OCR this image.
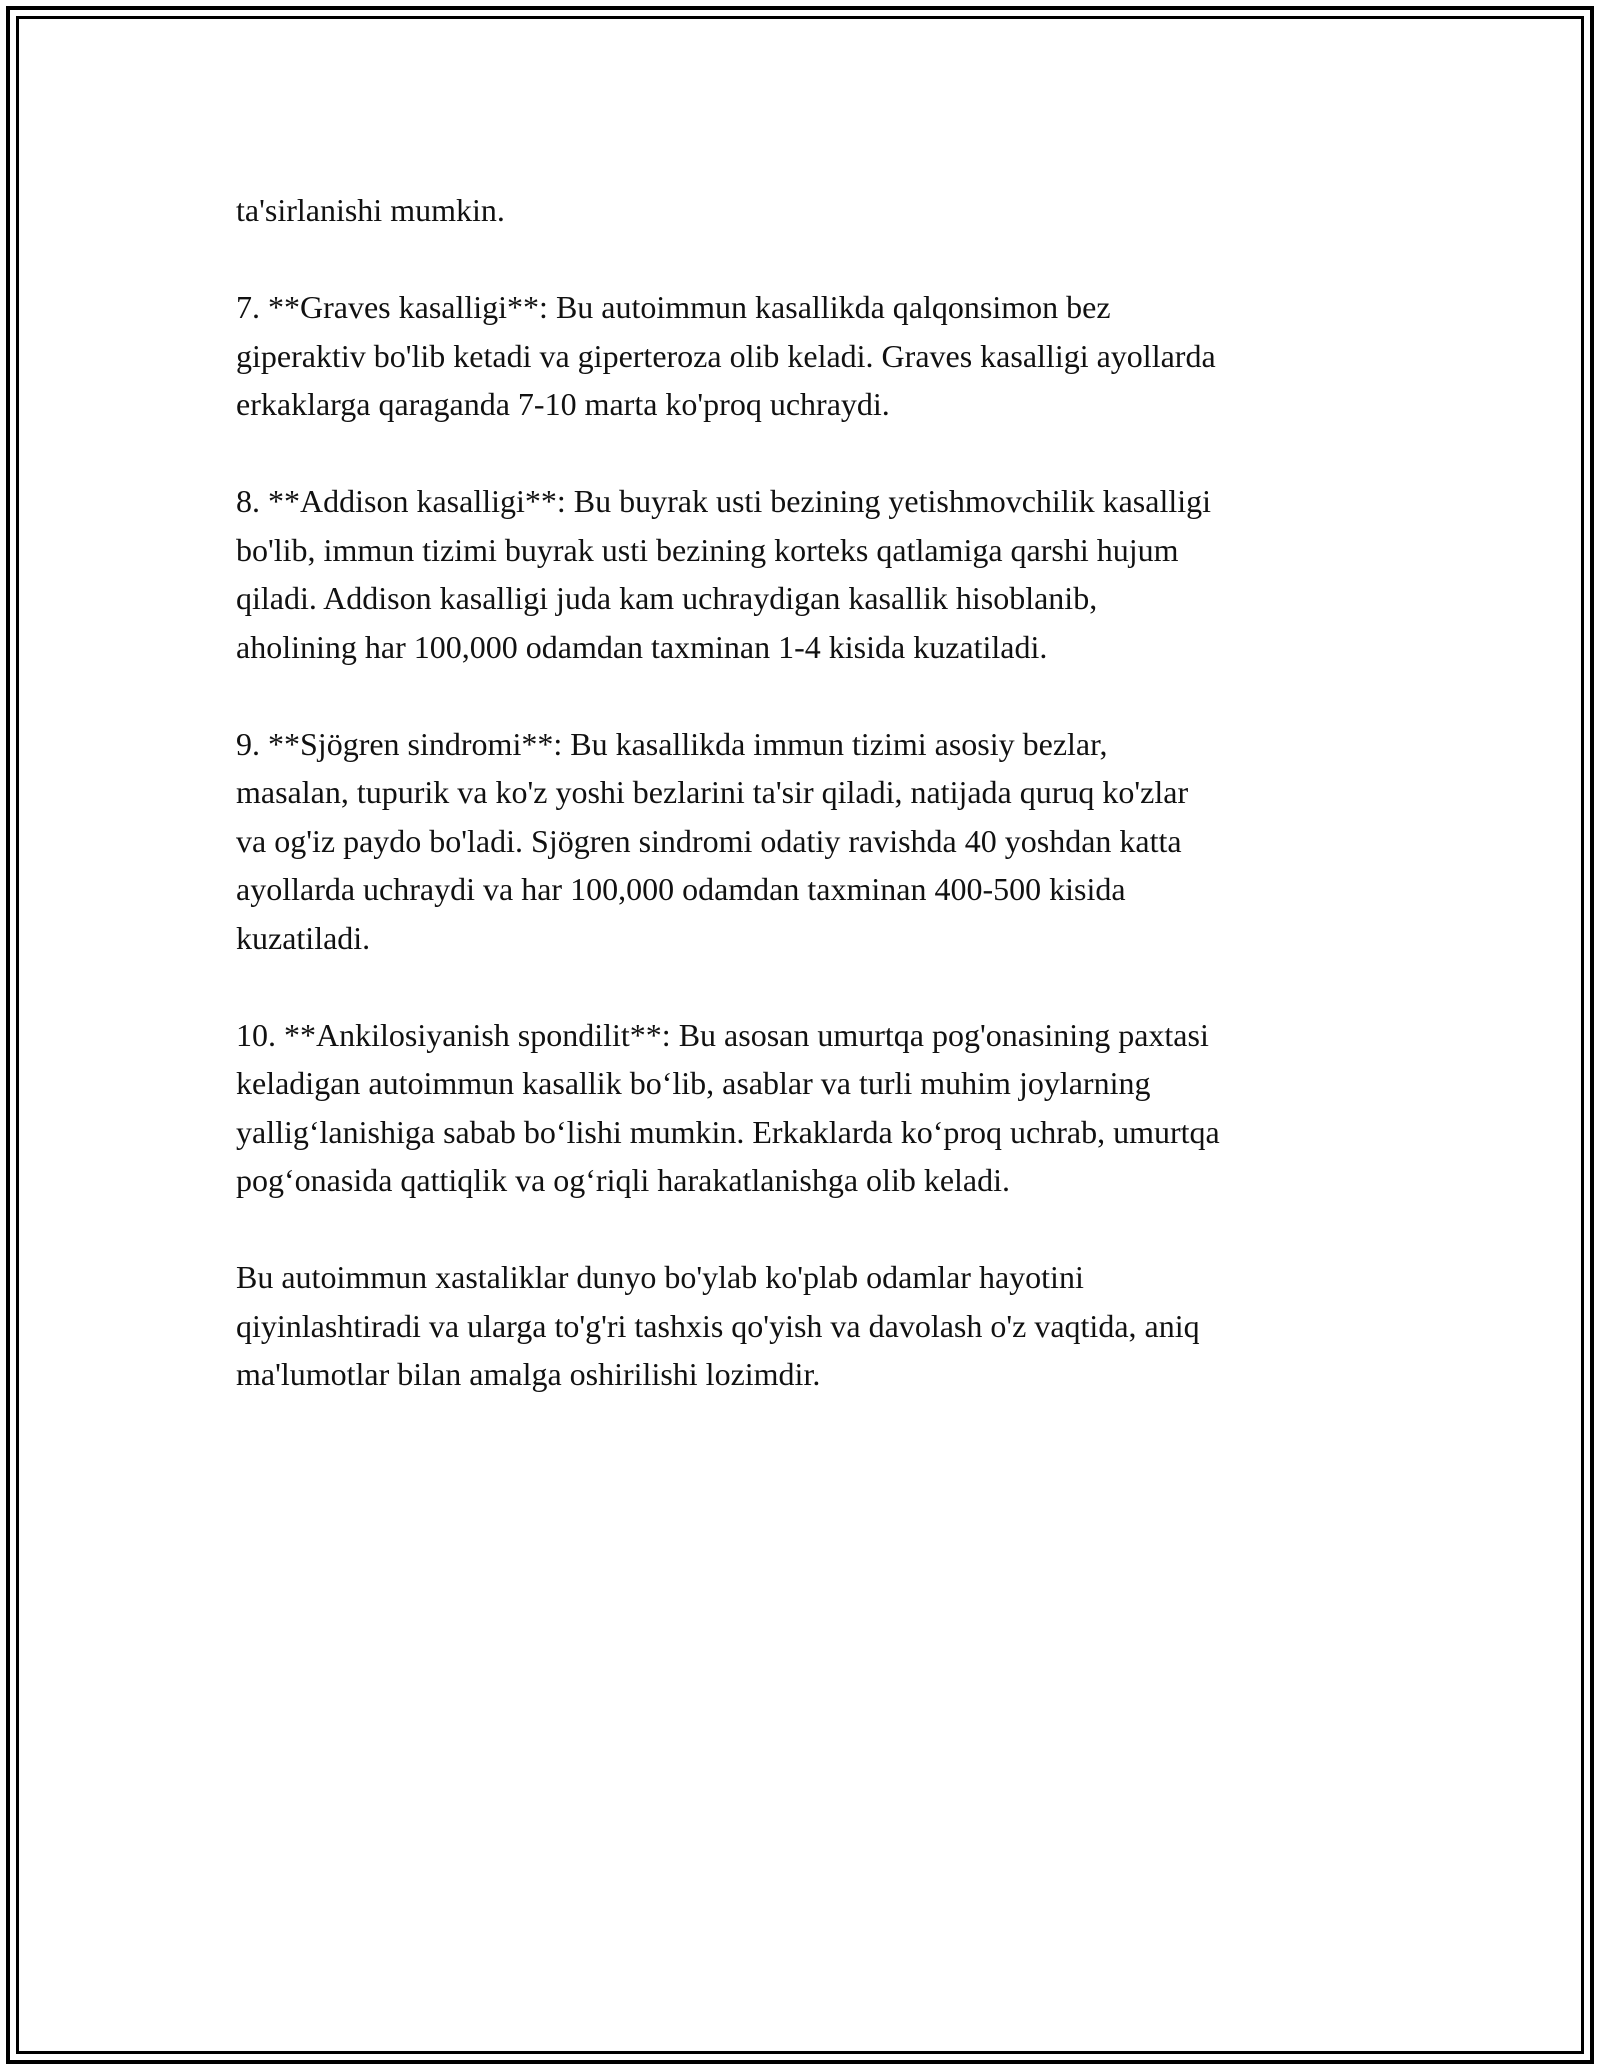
ta'sirlanishi mumkin.

7. **Graves kasalligi**: Bu autoimmun kasallikda qalqonsimon bez
giperaktiv bo'lib ketadi va giperteroza olib keladi. Graves kasalligi ayollarda
erkaklarga qaraganda 7-10 marta ko'proq uchraydi.

8. **Addison kasalligi**: Bu buyrak usti bezining yetishmovchilik kasalligi
bo'lib, immun tizimi buyrak usti bezining korteks qatlamiga qarshi hujum
qiladi. Addison kasalligi juda kam uchraydigan kasallik hisoblanib,
aholining har 100,000 odamdan taxminan 1-4 kisida kuzatiladi.

9. **Sjögren sindromi**: Bu kasallikda immun tizimi asosiy bezlar,
masalan, tupurik va ko'z yoshi bezlarini ta'sir qiladi, natijada quruq ko'zlar
va og'iz paydo bo'ladi. Sjögren sindromi odatiy ravishda 40 yoshdan katta
ayollarda uchraydi va har 100,000 odamdan taxminan 400-500 kisida
kuzatiladi.

10. **Ankilosiyanish spondilit**: Bu asosan umurtqa pog'onasining paxtasi
keladigan autoimmun kasallik bo‘lib, asablar va turli muhim joylarning
yallig‘lanishiga sabab bo‘lishi mumkin. Erkaklarda ko‘proq uchrab, umurtqa
pog‘onasida qattiqlik va og‘riqli harakatlanishga olib keladi.

Bu autoimmun xastaliklar dunyo bo'ylab ko'plab odamlar hayotini
qiyinlashtiradi va ularga to'g'ri tashxis qo'yish va davolash o'z vaqtida, aniq
ma'lumotlar bilan amalga oshirilishi lozimdir.
